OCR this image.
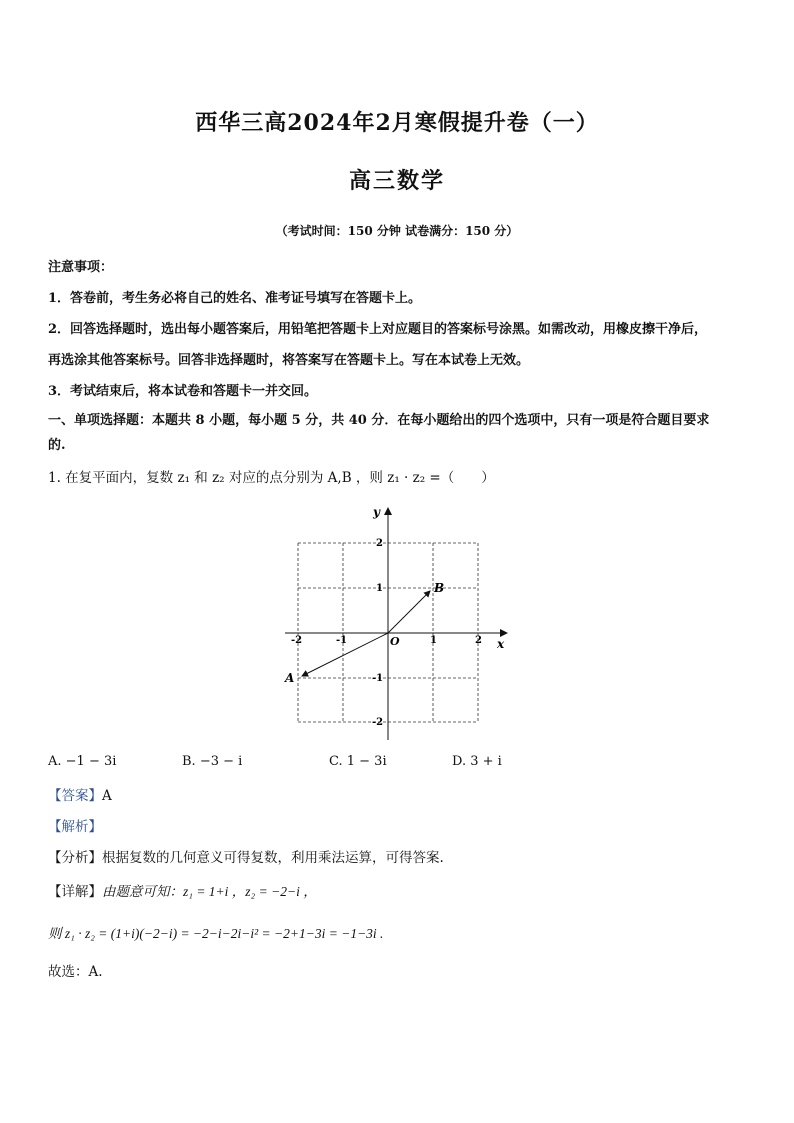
西华三高2024年2月寒假提升卷（一）
高三数学
（考试时间：150 分钟 试卷满分：150 分）
注意事项：
1．答卷前，考生务必将自己的姓名、准考证号填写在答题卡上。
2．回答选择题时，选出每小题答案后，用铅笔把答题卡上对应题目的答案标号涂黑。如需改动，用橡皮擦干净后，
再选涂其他答案标号。回答非选择题时，将答案写在答题卡上。写在本试卷上无效。
3．考试结束后，将本试卷和答题卡一并交回。
一、单项选择题：本题共 8 小题，每小题 5 分，共 40 分．在每小题给出的四个选项中，只有一项是符合题目要求
的.
1. 在复平面内，复数 z₁ 和 z₂ 对应的点分别为 A,B ，则 z₁ · z₂ =（　　）
x
y
O
-2	-1	1	2
2
1
-1
-2
B
A
A. −1 − 3i	B. −3 − i	C. 1 − 3i	D. 3 + i
【答案】A
【解析】
【分析】根据复数的几何意义可得复数，利用乘法运算，可得答案.
【详解】由题意可知：z₁ = 1+i ，z₂ = −2−i ，
则 z₁ · z₂ = (1+i)(−2−i) = −2−i−2i−i² = −2+1−3i = −1−3i .
故选：A.
